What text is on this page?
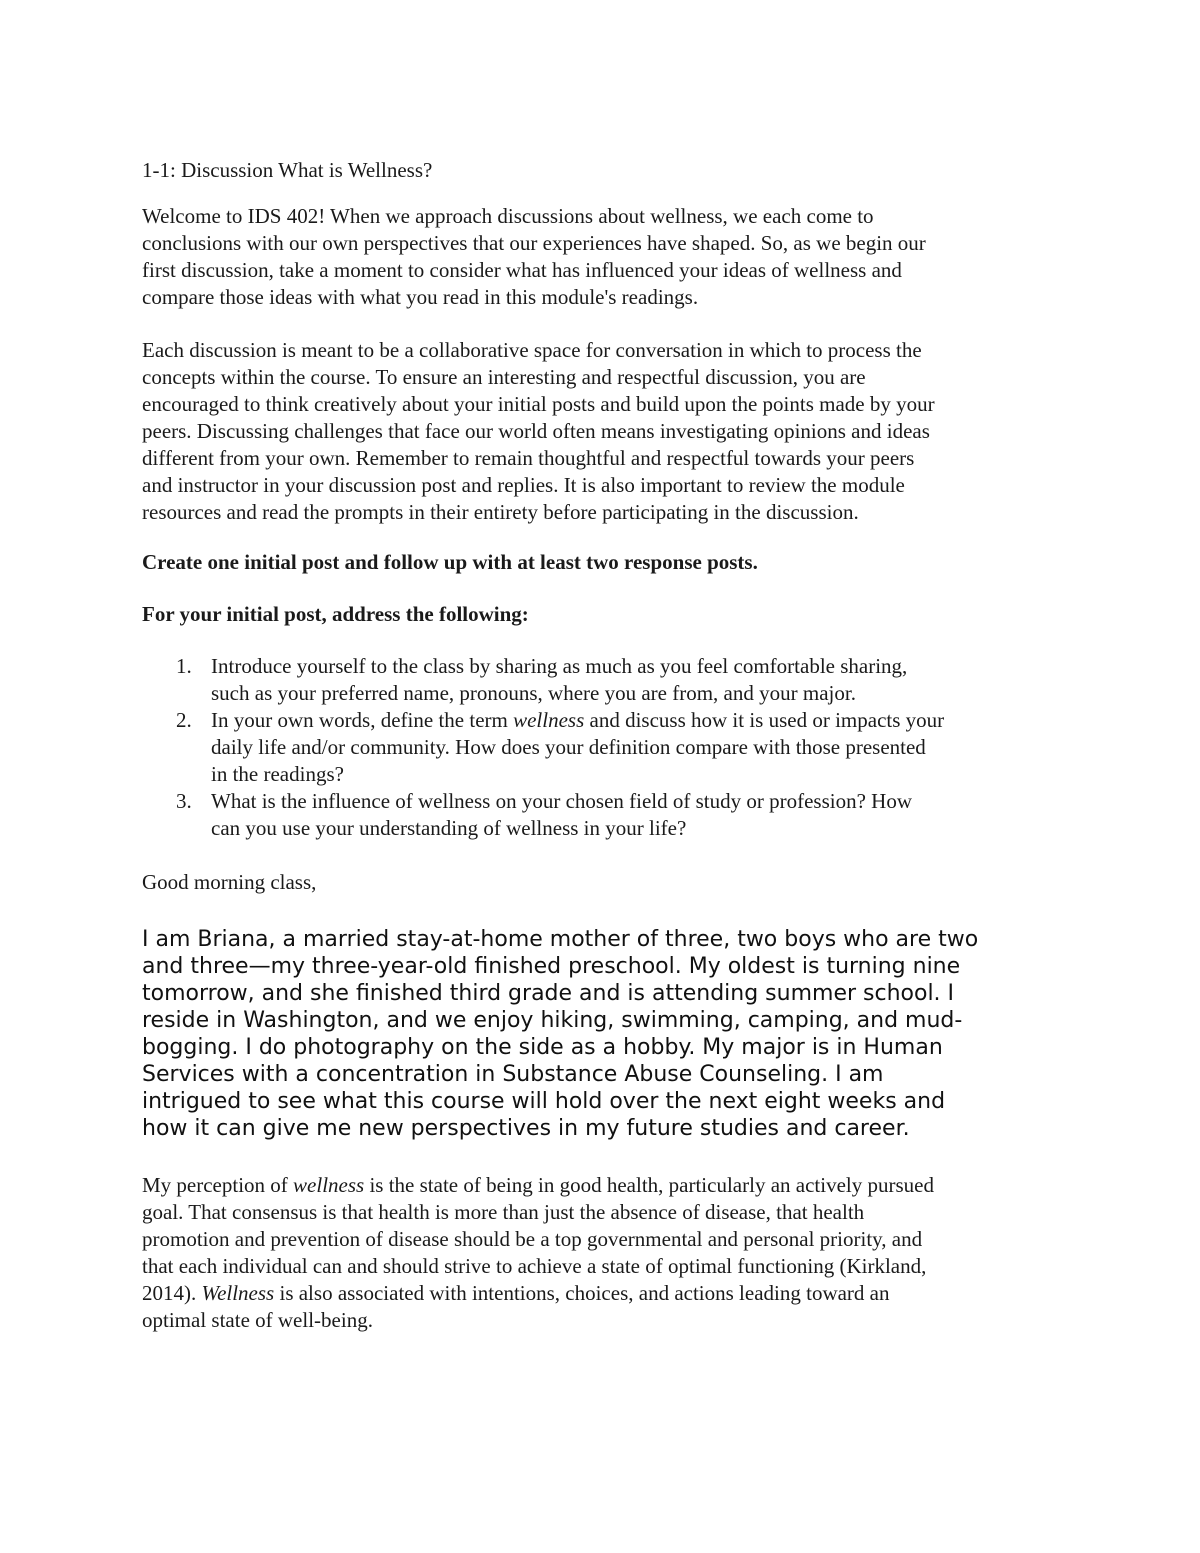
1-1: Discussion What is Wellness?
Welcome to IDS 402! When we approach discussions about wellness, we each come to
conclusions with our own perspectives that our experiences have shaped. So, as we begin our
first discussion, take a moment to consider what has influenced your ideas of wellness and
compare those ideas with what you read in this module's readings.
Each discussion is meant to be a collaborative space for conversation in which to process the
concepts within the course. To ensure an interesting and respectful discussion, you are
encouraged to think creatively about your initial posts and build upon the points made by your
peers. Discussing challenges that face our world often means investigating opinions and ideas
different from your own. Remember to remain thoughtful and respectful towards your peers
and instructor in your discussion post and replies. It is also important to review the module
resources and read the prompts in their entirety before participating in the discussion.
Create one initial post and follow up with at least two response posts.
For your initial post, address the following:
1. Introduce yourself to the class by sharing as much as you feel comfortable sharing,
such as your preferred name, pronouns, where you are from, and your major.
2. In your own words, define the term wellness and discuss how it is used or impacts your
daily life and/or community. How does your definition compare with those presented
in the readings?
3. What is the influence of wellness on your chosen field of study or profession? How
can you use your understanding of wellness in your life?
Good morning class,
I am Briana, a married stay-at-home mother of three, two boys who are two
and three—my three-year-old finished preschool. My oldest is turning nine
tomorrow, and she finished third grade and is attending summer school. I
reside in Washington, and we enjoy hiking, swimming, camping, and mud-
bogging. I do photography on the side as a hobby. My major is in Human
Services with a concentration in Substance Abuse Counseling. I am
intrigued to see what this course will hold over the next eight weeks and
how it can give me new perspectives in my future studies and career.
My perception of wellness is the state of being in good health, particularly an actively pursued
goal. That consensus is that health is more than just the absence of disease, that health
promotion and prevention of disease should be a top governmental and personal priority, and
that each individual can and should strive to achieve a state of optimal functioning (Kirkland,
2014). Wellness is also associated with intentions, choices, and actions leading toward an
optimal state of well-being.
